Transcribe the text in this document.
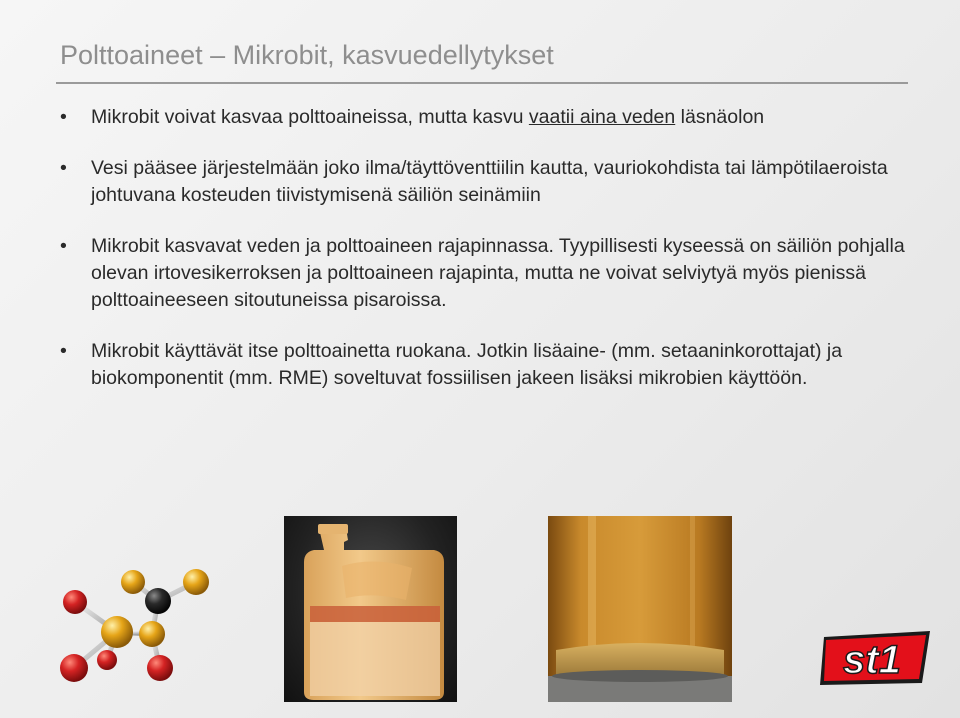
Polttoaineet – Mikrobit, kasvuedellytykset
• Mikrobit voivat kasvaa polttoaineissa, mutta kasvu vaatii aina veden läsnäolon
• Vesi pääsee järjestelmään joko ilma/täyttöventtiilin kautta, vauriokohdista tai lämpötilaeroista johtuvana kosteuden tiivistymisenä säiliön seinämiin
• Mikrobit kasvavat veden ja polttoaineen rajapinnassa. Tyypillisesti kyseessä on säiliön pohjalla olevan irtovesikerroksen ja polttoaineen rajapinta, mutta ne voivat selviytyä myös pienissä polttoaineeseen sitoutuneissa pisaroissa.
• Mikrobit käyttävät itse polttoainetta ruokana. Jotkin lisäaine- (mm. setaaninkorottajat) ja biokomponentit (mm. RME) soveltuvat fossiilisen jakeen lisäksi mikrobien käyttöön.
st1
